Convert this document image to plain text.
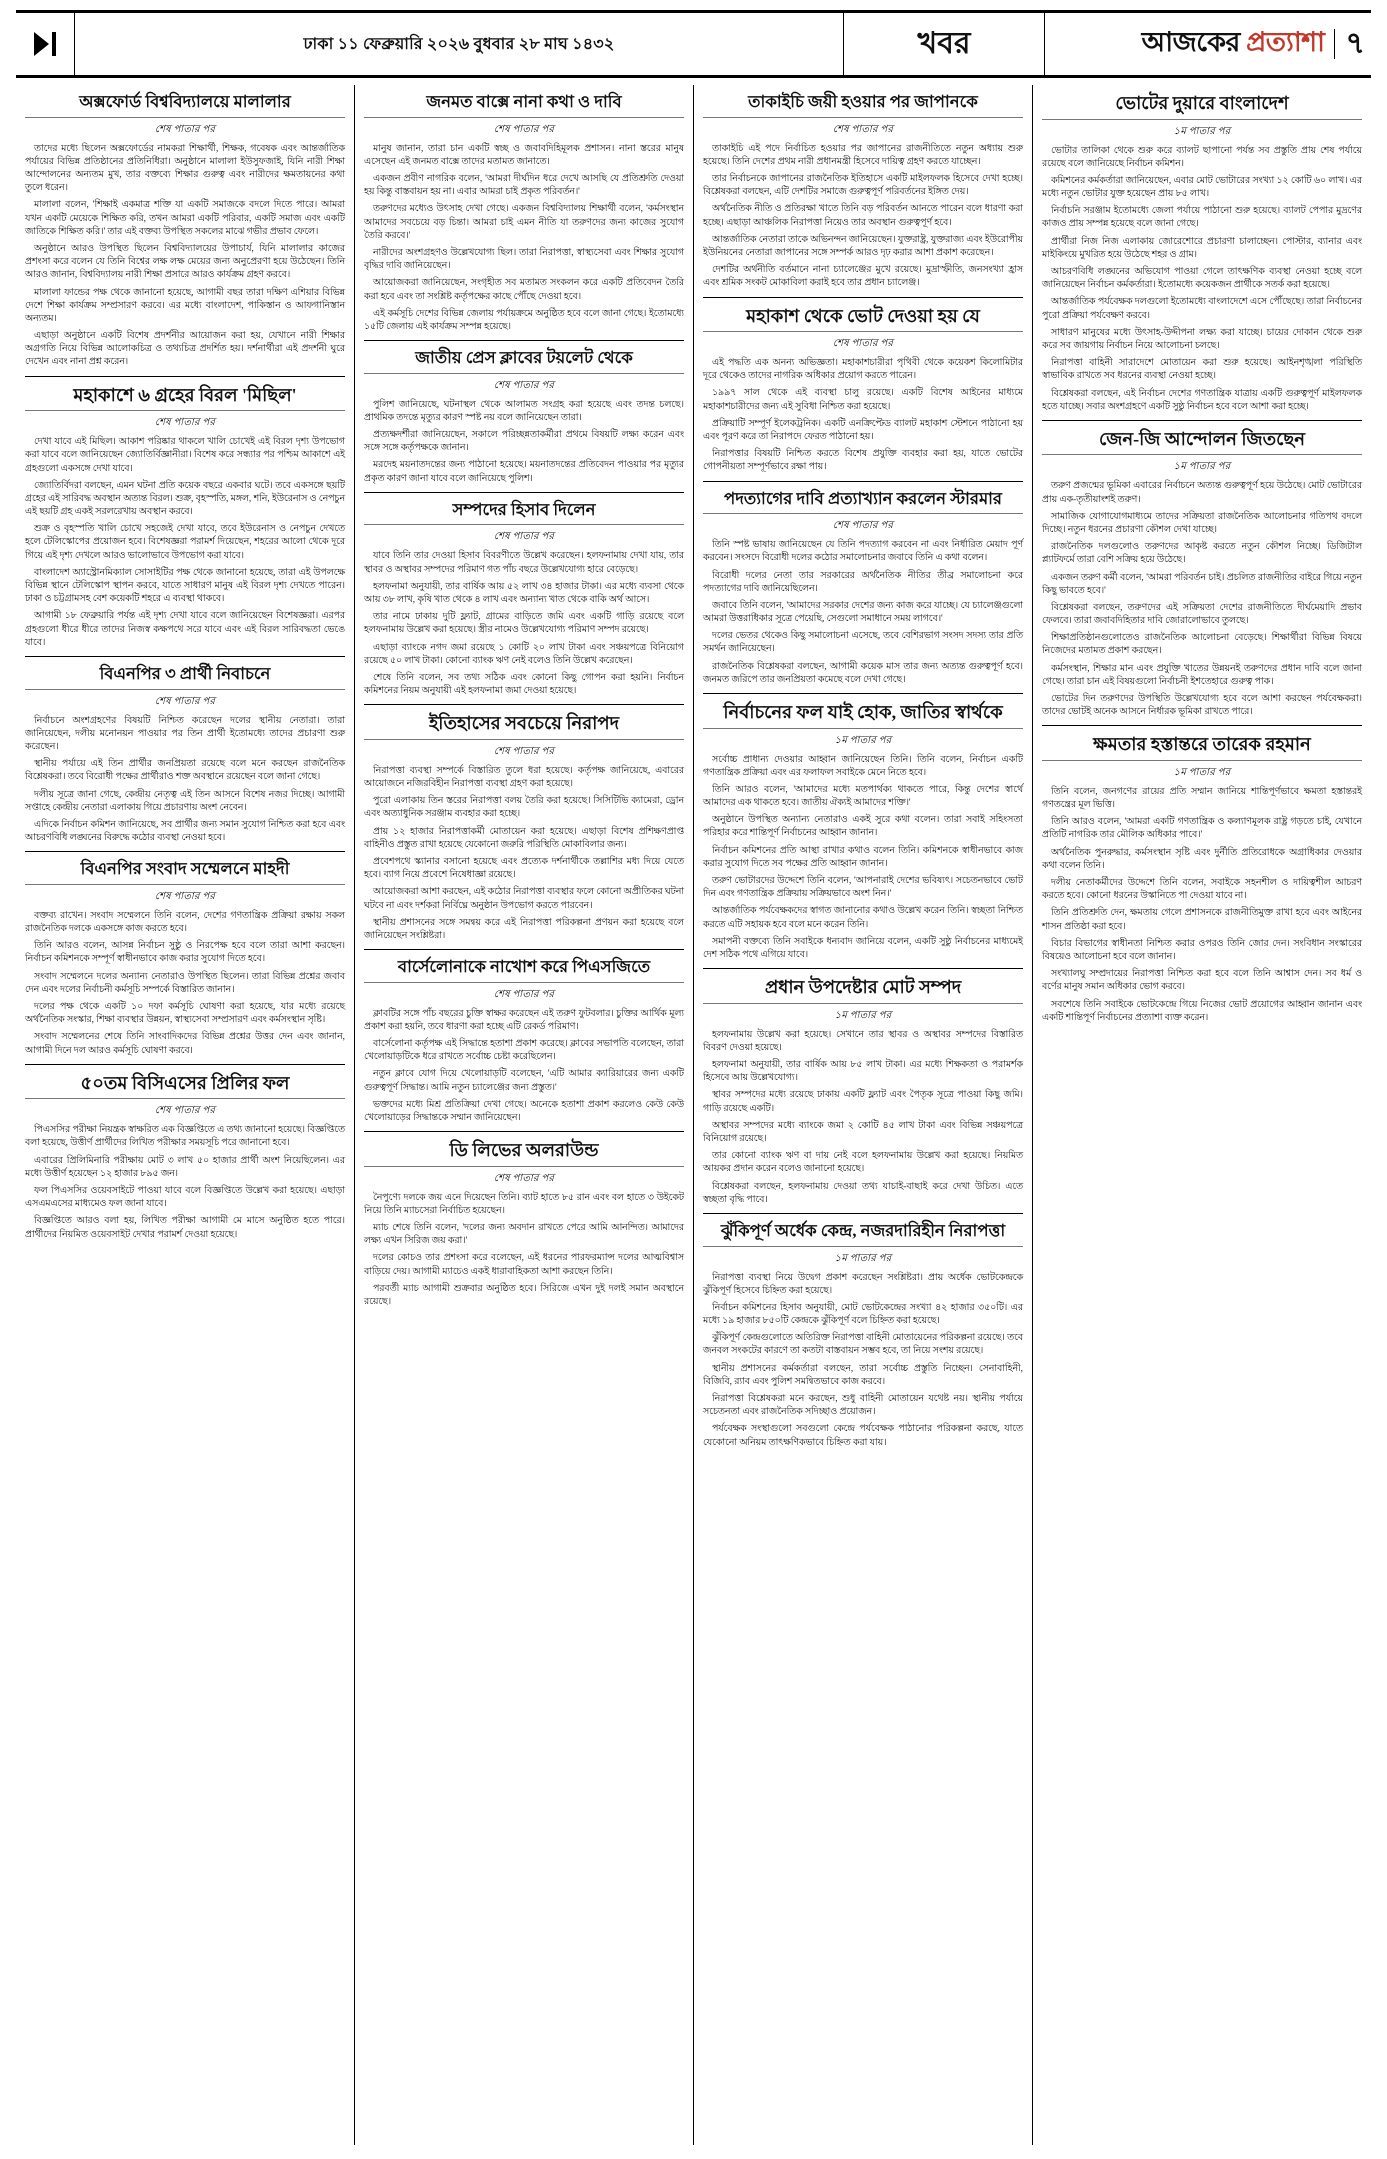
ঢাকা ১১ ফেব্রুয়ারি ২০২৬ বুধবার ২৮ মাঘ ১৪৩২	খবর	আজকের প্রত্যাশা ৭
অক্সফোর্ড বিশ্ববিদ্যালয়ে মালালার
শেষ পাতার পর

তাদের মধ্যে ছিলেন অক্সফোর্ডের নামকরা শিক্ষার্থী, শিক্ষক, গবেষক এবং আন্তর্জাতিক পর্যায়ের বিভিন্ন প্রতিষ্ঠানের প্রতিনিধিরা। অনুষ্ঠানে মালালা ইউসুফজাই, যিনি নারী শিক্ষা আন্দোলনের অন্যতম মুখ, তার বক্তব্যে শিক্ষার গুরুত্ব এবং নারীদের ক্ষমতায়নের কথা তুলে ধরেন।

মালালা বলেন, 'শিক্ষাই একমাত্র শক্তি যা একটি সমাজকে বদলে দিতে পারে। আমরা যখন একটি মেয়েকে শিক্ষিত করি, তখন আমরা একটি পরিবার, একটি সমাজ এবং একটি জাতিকে শিক্ষিত করি।' তার এই বক্তব্য উপস্থিত সকলের মাঝে গভীর প্রভাব ফেলে।

অনুষ্ঠানে আরও উপস্থিত ছিলেন বিশ্ববিদ্যালয়ের উপাচার্য, যিনি মালালার কাজের প্রশংসা করে বলেন যে তিনি বিশ্বের লক্ষ লক্ষ মেয়ের জন্য অনুপ্রেরণা হয়ে উঠেছেন। তিনি আরও জানান, বিশ্ববিদ্যালয় নারী শিক্ষা প্রসারে আরও কার্যক্রম গ্রহণ করবে।

মালালা ফান্ডের পক্ষ থেকে জানানো হয়েছে, আগামী বছর তারা দক্ষিণ এশিয়ার বিভিন্ন দেশে শিক্ষা কার্যক্রম সম্প্রসারণ করবে। এর মধ্যে বাংলাদেশ, পাকিস্তান ও আফগানিস্তান অন্যতম।

এছাড়া অনুষ্ঠানে একটি বিশেষ প্রদর্শনীর আয়োজন করা হয়, যেখানে নারী শিক্ষার অগ্রগতি নিয়ে বিভিন্ন আলোকচিত্র ও তথ্যচিত্র প্রদর্শিত হয়। দর্শনার্থীরা এই প্রদর্শনী ঘুরে দেখেন এবং নানা প্রশ্ন করেন।

মহাকাশে ৬ গ্রহের বিরল 'মিছিল'
শেষ পাতার পর

দেখা যাবে এই মিছিল। আকাশ পরিষ্কার থাকলে খালি চোখেই এই বিরল দৃশ্য উপভোগ করা যাবে বলে জানিয়েছেন জ্যোতির্বিজ্ঞানীরা। বিশেষ করে সন্ধ্যার পর পশ্চিম আকাশে এই গ্রহগুলো একসঙ্গে দেখা যাবে।

জ্যোতির্বিদরা বলছেন, এমন ঘটনা প্রতি কয়েক বছরে একবার ঘটে। তবে একসঙ্গে ছয়টি গ্রহের এই সারিবদ্ধ অবস্থান অত্যন্ত বিরল। শুক্র, বৃহস্পতি, মঙ্গল, শনি, ইউরেনাস ও নেপচুন এই ছয়টি গ্রহ একই সরলরেখায় অবস্থান করবে।

শুক্র ও বৃহস্পতি খালি চোখে সহজেই দেখা যাবে, তবে ইউরেনাস ও নেপচুন দেখতে হলে টেলিস্কোপের প্রয়োজন হবে। বিশেষজ্ঞরা পরামর্শ দিয়েছেন, শহরের আলো থেকে দূরে গিয়ে এই দৃশ্য দেখলে আরও ভালোভাবে উপভোগ করা যাবে।

বাংলাদেশ অ্যাস্ট্রোনমিক্যাল সোসাইটির পক্ষ থেকে জানানো হয়েছে, তারা এই উপলক্ষে বিভিন্ন স্থানে টেলিস্কোপ স্থাপন করবে, যাতে সাধারণ মানুষ এই বিরল দৃশ্য দেখতে পারেন। ঢাকা ও চট্টগ্রামসহ বেশ কয়েকটি শহরে এ ব্যবস্থা থাকবে।

আগামী ১৮ ফেব্রুয়ারি পর্যন্ত এই দৃশ্য দেখা যাবে বলে জানিয়েছেন বিশেষজ্ঞরা। এরপর গ্রহগুলো ধীরে ধীরে তাদের নিজস্ব কক্ষপথে সরে যাবে এবং এই বিরল সারিবদ্ধতা ভেঙে যাবে।

বিএনপির ৩ প্রার্থী নিবাচনে
শেষ পাতার পর

নির্বাচনে অংশগ্রহণের বিষয়টি নিশ্চিত করেছেন দলের স্থানীয় নেতারা। তারা জানিয়েছেন, দলীয় মনোনয়ন পাওয়ার পর তিন প্রার্থী ইতোমধ্যে তাদের প্রচারণা শুরু করেছেন।

স্থানীয় পর্যায়ে এই তিন প্রার্থীর জনপ্রিয়তা রয়েছে বলে মনে করছেন রাজনৈতিক বিশ্লেষকরা। তবে বিরোধী পক্ষের প্রার্থীরাও শক্ত অবস্থানে রয়েছেন বলে জানা গেছে।

দলীয় সূত্রে জানা গেছে, কেন্দ্রীয় নেতৃত্ব এই তিন আসনে বিশেষ নজর দিচ্ছে। আগামী সপ্তাহে কেন্দ্রীয় নেতারা এলাকায় গিয়ে প্রচারণায় অংশ নেবেন।

এদিকে নির্বাচন কমিশন জানিয়েছে, সব প্রার্থীর জন্য সমান সুযোগ নিশ্চিত করা হবে এবং আচরণবিধি লঙ্ঘনের বিরুদ্ধে কঠোর ব্যবস্থা নেওয়া হবে।

বিএনপির সংবাদ সম্মেলনে মাহদী
শেষ পাতার পর

বক্তব্য রাখেন। সংবাদ সম্মেলনে তিনি বলেন, দেশের গণতান্ত্রিক প্রক্রিয়া রক্ষায় সকল রাজনৈতিক দলকে একসঙ্গে কাজ করতে হবে।

তিনি আরও বলেন, আসন্ন নির্বাচন সুষ্ঠু ও নিরপেক্ষ হবে বলে তারা আশা করছেন। নির্বাচন কমিশনকে সম্পূর্ণ স্বাধীনভাবে কাজ করার সুযোগ দিতে হবে।

সংবাদ সম্মেলনে দলের অন্যান্য নেতারাও উপস্থিত ছিলেন। তারা বিভিন্ন প্রশ্নের জবাব দেন এবং দলের নির্বাচনী কর্মসূচি সম্পর্কে বিস্তারিত জানান।

দলের পক্ষ থেকে একটি ১০ দফা কর্মসূচি ঘোষণা করা হয়েছে, যার মধ্যে রয়েছে অর্থনৈতিক সংস্কার, শিক্ষা ব্যবস্থার উন্নয়ন, স্বাস্থ্যসেবা সম্প্রসারণ এবং কর্মসংস্থান সৃষ্টি।

সংবাদ সম্মেলনের শেষে তিনি সাংবাদিকদের বিভিন্ন প্রশ্নের উত্তর দেন এবং জানান, আগামী দিনে দল আরও কর্মসূচি ঘোষণা করবে।

৫০তম বিসিএসের প্রিলির ফল
শেষ পাতার পর

পিএসসির পরীক্ষা নিয়ন্ত্রক স্বাক্ষরিত এক বিজ্ঞপ্তিতে এ তথ্য জানানো হয়েছে। বিজ্ঞপ্তিতে বলা হয়েছে, উত্তীর্ণ প্রার্থীদের লিখিত পরীক্ষার সময়সূচি পরে জানানো হবে।

এবারের প্রিলিমিনারি পরীক্ষায় মোট ৩ লাখ ৫০ হাজার প্রার্থী অংশ নিয়েছিলেন। এর মধ্যে উত্তীর্ণ হয়েছেন ১২ হাজার ৮৯৫ জন।

ফল পিএসসির ওয়েবসাইটে পাওয়া যাবে বলে বিজ্ঞপ্তিতে উল্লেখ করা হয়েছে। এছাড়া এসএমএসের মাধ্যমেও ফল জানা যাবে।

বিজ্ঞপ্তিতে আরও বলা হয়, লিখিত পরীক্ষা আগামী মে মাসে অনুষ্ঠিত হতে পারে। প্রার্থীদের নিয়মিত ওয়েবসাইট দেখার পরামর্শ দেওয়া হয়েছে।

জনমত বাক্সে নানা কথা ও দাবি
শেষ পাতার পর

মানুষ জানান, তারা চান একটি স্বচ্ছ ও জবাবদিহিমূলক প্রশাসন। নানা স্তরের মানুষ এসেছেন এই জনমত বাক্সে তাদের মতামত জানাতে।

একজন প্রবীণ নাগরিক বলেন, 'আমরা দীর্ঘদিন ধরে দেখে আসছি যে প্রতিশ্রুতি দেওয়া হয় কিন্তু বাস্তবায়ন হয় না। এবার আমরা চাই প্রকৃত পরিবর্তন।'

তরুণদের মধ্যেও উৎসাহ দেখা গেছে। একজন বিশ্ববিদ্যালয় শিক্ষার্থী বলেন, 'কর্মসংস্থান আমাদের সবচেয়ে বড় চিন্তা। আমরা চাই এমন নীতি যা তরুণদের জন্য কাজের সুযোগ তৈরি করবে।'

নারীদের অংশগ্রহণও উল্লেখযোগ্য ছিল। তারা নিরাপত্তা, স্বাস্থ্যসেবা এবং শিক্ষার সুযোগ বৃদ্ধির দাবি জানিয়েছেন।

আয়োজকরা জানিয়েছেন, সংগৃহীত সব মতামত সংকলন করে একটি প্রতিবেদন তৈরি করা হবে এবং তা সংশ্লিষ্ট কর্তৃপক্ষের কাছে পৌঁছে দেওয়া হবে।

এই কর্মসূচি দেশের বিভিন্ন জেলায় পর্যায়ক্রমে অনুষ্ঠিত হবে বলে জানা গেছে। ইতোমধ্যে ১৫টি জেলায় এই কার্যক্রম সম্পন্ন হয়েছে।

জাতীয় প্রেস ক্লাবের টয়লেট থেকে
শেষ পাতার পর

পুলিশ জানিয়েছে, ঘটনাস্থল থেকে আলামত সংগ্রহ করা হয়েছে এবং তদন্ত চলছে। প্রাথমিক তদন্তে মৃত্যুর কারণ স্পষ্ট নয় বলে জানিয়েছেন তারা।

প্রত্যক্ষদর্শীরা জানিয়েছেন, সকালে পরিচ্ছন্নতাকর্মীরা প্রথমে বিষয়টি লক্ষ্য করেন এবং সঙ্গে সঙ্গে কর্তৃপক্ষকে জানান।

মরদেহ ময়নাতদন্তের জন্য পাঠানো হয়েছে। ময়নাতদন্তের প্রতিবেদন পাওয়ার পর মৃত্যুর প্রকৃত কারণ জানা যাবে বলে জানিয়েছে পুলিশ।

সম্পদের হিসাব দিলেন
শেষ পাতার পর

যাবে তিনি তার দেওয়া হিসাব বিবরণীতে উল্লেখ করেছেন। হলফনামায় দেখা যায়, তার স্থাবর ও অস্থাবর সম্পদের পরিমাণ গত পাঁচ বছরে উল্লেখযোগ্য হারে বেড়েছে।

হলফনামা অনুযায়ী, তার বার্ষিক আয় ৫২ লাখ ৩৪ হাজার টাকা। এর মধ্যে ব্যবসা থেকে আয় ৩৮ লাখ, কৃষি খাত থেকে ৪ লাখ এবং অন্যান্য খাত থেকে বাকি অর্থ আসে।

তার নামে ঢাকায় দুটি ফ্ল্যাট, গ্রামের বাড়িতে জমি এবং একটি গাড়ি রয়েছে বলে হলফনামায় উল্লেখ করা হয়েছে। স্ত্রীর নামেও উল্লেখযোগ্য পরিমাণ সম্পদ রয়েছে।

এছাড়া ব্যাংকে নগদ জমা রয়েছে ১ কোটি ২০ লাখ টাকা এবং সঞ্চয়পত্রে বিনিয়োগ রয়েছে ৫০ লাখ টাকা। কোনো ব্যাংক ঋণ নেই বলেও তিনি উল্লেখ করেছেন।

শেষে তিনি বলেন, সব তথ্য সঠিক এবং কোনো কিছু গোপন করা হয়নি। নির্বাচন কমিশনের নিয়ম অনুযায়ী এই হলফনামা জমা দেওয়া হয়েছে।

ইতিহাসের সবচেয়ে নিরাপদ
শেষ পাতার পর

নিরাপত্তা ব্যবস্থা সম্পর্কে বিস্তারিত তুলে ধরা হয়েছে। কর্তৃপক্ষ জানিয়েছে, এবারের আয়োজনে নজিরবিহীন নিরাপত্তা ব্যবস্থা গ্রহণ করা হয়েছে।

পুরো এলাকায় তিন স্তরের নিরাপত্তা বলয় তৈরি করা হয়েছে। সিসিটিভি ক্যামেরা, ড্রোন এবং অত্যাধুনিক সরঞ্জাম ব্যবহার করা হচ্ছে।

প্রায় ১২ হাজার নিরাপত্তাকর্মী মোতায়েন করা হয়েছে। এছাড়া বিশেষ প্রশিক্ষণপ্রাপ্ত বাহিনীও প্রস্তুত রাখা হয়েছে যেকোনো জরুরি পরিস্থিতি মোকাবিলার জন্য।

প্রবেশপথে স্ক্যানার বসানো হয়েছে এবং প্রত্যেক দর্শনার্থীকে তল্লাশির মধ্য দিয়ে যেতে হবে। ব্যাগ নিয়ে প্রবেশে নিষেধাজ্ঞা রয়েছে।

আয়োজকরা আশা করছেন, এই কঠোর নিরাপত্তা ব্যবস্থার ফলে কোনো অপ্রীতিকর ঘটনা ঘটবে না এবং দর্শকরা নির্বিঘ্নে অনুষ্ঠান উপভোগ করতে পারবেন।

স্থানীয় প্রশাসনের সঙ্গে সমন্বয় করে এই নিরাপত্তা পরিকল্পনা প্রণয়ন করা হয়েছে বলে জানিয়েছেন সংশ্লিষ্টরা।

বার্সেলোনাকে নাখোশ করে পিএসজিতে
শেষ পাতার পর

ক্লাবটির সঙ্গে পাঁচ বছরের চুক্তি স্বাক্ষর করেছেন এই তরুণ ফুটবলার। চুক্তির আর্থিক মূল্য প্রকাশ করা হয়নি, তবে ধারণা করা হচ্ছে এটি রেকর্ড পরিমাণ।

বার্সেলোনা কর্তৃপক্ষ এই সিদ্ধান্তে হতাশা প্রকাশ করেছে। ক্লাবের সভাপতি বলেছেন, তারা খেলোয়াড়টিকে ধরে রাখতে সর্বোচ্চ চেষ্টা করেছিলেন।

নতুন ক্লাবে যোগ দিয়ে খেলোয়াড়টি বলেছেন, 'এটি আমার ক্যারিয়ারের জন্য একটি গুরুত্বপূর্ণ সিদ্ধান্ত। আমি নতুন চ্যালেঞ্জের জন্য প্রস্তুত।'

ভক্তদের মধ্যে মিশ্র প্রতিক্রিয়া দেখা গেছে। অনেকে হতাশা প্রকাশ করলেও কেউ কেউ খেলোয়াড়ের সিদ্ধান্তকে সম্মান জানিয়েছেন।

ডি লিভের অলরাউন্ড
শেষ পাতার পর

নৈপুণ্যে দলকে জয় এনে দিয়েছেন তিনি। ব্যাট হাতে ৮৫ রান এবং বল হাতে ৩ উইকেট নিয়ে তিনি ম্যাচসেরা নির্বাচিত হয়েছেন।

ম্যাচ শেষে তিনি বলেন, 'দলের জন্য অবদান রাখতে পেরে আমি আনন্দিত। আমাদের লক্ষ্য এখন সিরিজ জয় করা।'

দলের কোচও তার প্রশংসা করে বলেছেন, এই ধরনের পারফরম্যান্স দলের আত্মবিশ্বাস বাড়িয়ে দেয়। আগামী ম্যাচেও একই ধারাবাহিকতা আশা করছেন তিনি।

পরবর্তী ম্যাচ আগামী শুক্রবার অনুষ্ঠিত হবে। সিরিজে এখন দুই দলই সমান অবস্থানে রয়েছে।

তাকাইচি জয়ী হওয়ার পর জাপানকে
শেষ পাতার পর

তাকাইচি এই পদে নির্বাচিত হওয়ার পর জাপানের রাজনীতিতে নতুন অধ্যায় শুরু হয়েছে। তিনি দেশের প্রথম নারী প্রধানমন্ত্রী হিসেবে দায়িত্ব গ্রহণ করতে যাচ্ছেন।

তার নির্বাচনকে জাপানের রাজনৈতিক ইতিহাসে একটি মাইলফলক হিসেবে দেখা হচ্ছে। বিশ্লেষকরা বলছেন, এটি দেশটির সমাজে গুরুত্বপূর্ণ পরিবর্তনের ইঙ্গিত দেয়।

অর্থনৈতিক নীতি ও প্রতিরক্ষা খাতে তিনি বড় পরিবর্তন আনতে পারেন বলে ধারণা করা হচ্ছে। এছাড়া আঞ্চলিক নিরাপত্তা নিয়েও তার অবস্থান গুরুত্বপূর্ণ হবে।

আন্তর্জাতিক নেতারা তাকে অভিনন্দন জানিয়েছেন। যুক্তরাষ্ট্র, যুক্তরাজ্য এবং ইউরোপীয় ইউনিয়নের নেতারা জাপানের সঙ্গে সম্পর্ক আরও দৃঢ় করার আশা প্রকাশ করেছেন।

দেশটির অর্থনীতি বর্তমানে নানা চ্যালেঞ্জের মুখে রয়েছে। মুদ্রাস্ফীতি, জনসংখ্যা হ্রাস এবং শ্রমিক সংকট মোকাবিলা করাই হবে তার প্রধান চ্যালেঞ্জ।

মহাকাশ থেকে ভোট দেওয়া হয় যে
শেষ পাতার পর

এই পদ্ধতি এক অনন্য অভিজ্ঞতা। মহাকাশচারীরা পৃথিবী থেকে কয়েকশ কিলোমিটার দূরে থেকেও তাদের নাগরিক অধিকার প্রয়োগ করতে পারেন।

১৯৯৭ সাল থেকে এই ব্যবস্থা চালু রয়েছে। একটি বিশেষ আইনের মাধ্যমে মহাকাশচারীদের জন্য এই সুবিধা নিশ্চিত করা হয়েছে।

প্রক্রিয়াটি সম্পূর্ণ ইলেকট্রনিক। একটি এনক্রিপ্টেড ব্যালট মহাকাশ স্টেশনে পাঠানো হয় এবং পূরণ করে তা নিরাপদে ফেরত পাঠানো হয়।

নিরাপত্তার বিষয়টি নিশ্চিত করতে বিশেষ প্রযুক্তি ব্যবহার করা হয়, যাতে ভোটের গোপনীয়তা সম্পূর্ণভাবে রক্ষা পায়।

পদত্যাগের দাবি প্রত্যাখ্যান করলেন স্টারমার
শেষ পাতার পর

তিনি স্পষ্ট ভাষায় জানিয়েছেন যে তিনি পদত্যাগ করবেন না এবং নির্ধারিত মেয়াদ পূর্ণ করবেন। সংসদে বিরোধী দলের কঠোর সমালোচনার জবাবে তিনি এ কথা বলেন।

বিরোধী দলের নেতা তার সরকারের অর্থনৈতিক নীতির তীব্র সমালোচনা করে পদত্যাগের দাবি জানিয়েছিলেন।

জবাবে তিনি বলেন, 'আমাদের সরকার দেশের জন্য কাজ করে যাচ্ছে। যে চ্যালেঞ্জগুলো আমরা উত্তরাধিকার সূত্রে পেয়েছি, সেগুলো সমাধানে সময় লাগবে।'

দলের ভেতর থেকেও কিছু সমালোচনা এসেছে, তবে বেশিরভাগ সংসদ সদস্য তার প্রতি সমর্থন জানিয়েছেন।

রাজনৈতিক বিশ্লেষকরা বলছেন, আগামী কয়েক মাস তার জন্য অত্যন্ত গুরুত্বপূর্ণ হবে। জনমত জরিপে তার জনপ্রিয়তা কমেছে বলে দেখা গেছে।

নির্বাচনের ফল যাই হোক, জাতির স্বার্থকে
১ম পাতার পর

সর্বোচ্চ প্রাধান্য দেওয়ার আহ্বান জানিয়েছেন তিনি। তিনি বলেন, নির্বাচন একটি গণতান্ত্রিক প্রক্রিয়া এবং এর ফলাফল সবাইকে মেনে নিতে হবে।

তিনি আরও বলেন, 'আমাদের মধ্যে মতপার্থক্য থাকতে পারে, কিন্তু দেশের স্বার্থে আমাদের এক থাকতে হবে। জাতীয় ঐক্যই আমাদের শক্তি।'

অনুষ্ঠানে উপস্থিত অন্যান্য নেতারাও একই সুরে কথা বলেন। তারা সবাই সহিংসতা পরিহার করে শান্তিপূর্ণ নির্বাচনের আহ্বান জানান।

নির্বাচন কমিশনের প্রতি আস্থা রাখার কথাও বলেন তিনি। কমিশনকে স্বাধীনভাবে কাজ করার সুযোগ দিতে সব পক্ষের প্রতি আহ্বান জানান।

তরুণ ভোটারদের উদ্দেশে তিনি বলেন, 'আপনারাই দেশের ভবিষ্যৎ। সচেতনভাবে ভোট দিন এবং গণতান্ত্রিক প্রক্রিয়ায় সক্রিয়ভাবে অংশ নিন।'

আন্তর্জাতিক পর্যবেক্ষকদের স্বাগত জানানোর কথাও উল্লেখ করেন তিনি। স্বচ্ছতা নিশ্চিত করতে এটি সহায়ক হবে বলে মনে করেন তিনি।

সমাপনী বক্তব্যে তিনি সবাইকে ধন্যবাদ জানিয়ে বলেন, একটি সুষ্ঠু নির্বাচনের মাধ্যমেই দেশ সঠিক পথে এগিয়ে যাবে।

প্রধান উপদেষ্টার মোট সম্পদ
১ম পাতার পর

হলফনামায় উল্লেখ করা হয়েছে। সেখানে তার স্থাবর ও অস্থাবর সম্পদের বিস্তারিত বিবরণ দেওয়া হয়েছে।

হলফনামা অনুযায়ী, তার বার্ষিক আয় ৮৫ লাখ টাকা। এর মধ্যে শিক্ষকতা ও পরামর্শক হিসেবে আয় উল্লেখযোগ্য।

স্থাবর সম্পদের মধ্যে রয়েছে ঢাকায় একটি ফ্ল্যাট এবং পৈতৃক সূত্রে পাওয়া কিছু জমি। গাড়ি রয়েছে একটি।

অস্থাবর সম্পদের মধ্যে ব্যাংকে জমা ২ কোটি ৪৫ লাখ টাকা এবং বিভিন্ন সঞ্চয়পত্রে বিনিয়োগ রয়েছে।

তার কোনো ব্যাংক ঋণ বা দায় নেই বলে হলফনামায় উল্লেখ করা হয়েছে। নিয়মিত আয়কর প্রদান করেন বলেও জানানো হয়েছে।

বিশ্লেষকরা বলছেন, হলফনামায় দেওয়া তথ্য যাচাই-বাছাই করে দেখা উচিত। এতে স্বচ্ছতা বৃদ্ধি পাবে।

ঝুঁকিপূর্ণ অর্ধেক কেন্দ্র, নজরদারিহীন নিরাপত্তা
১ম পাতার পর

নিরাপত্তা ব্যবস্থা নিয়ে উদ্বেগ প্রকাশ করেছেন সংশ্লিষ্টরা। প্রায় অর্ধেক ভোটকেন্দ্রকে ঝুঁকিপূর্ণ হিসেবে চিহ্নিত করা হয়েছে।

নির্বাচন কমিশনের হিসাব অনুযায়ী, মোট ভোটকেন্দ্রের সংখ্যা ৪২ হাজার ৩৫০টি। এর মধ্যে ১৯ হাজার ৮৫০টি কেন্দ্রকে ঝুঁকিপূর্ণ বলে চিহ্নিত করা হয়েছে।

ঝুঁকিপূর্ণ কেন্দ্রগুলোতে অতিরিক্ত নিরাপত্তা বাহিনী মোতায়েনের পরিকল্পনা রয়েছে। তবে জনবল সংকটের কারণে তা কতটা বাস্তবায়ন সম্ভব হবে, তা নিয়ে সংশয় রয়েছে।

স্থানীয় প্রশাসনের কর্মকর্তারা বলছেন, তারা সর্বোচ্চ প্রস্তুতি নিচ্ছেন। সেনাবাহিনী, বিজিবি, র‍্যাব এবং পুলিশ সমন্বিতভাবে কাজ করবে।

নিরাপত্তা বিশ্লেষকরা মনে করছেন, শুধু বাহিনী মোতায়েন যথেষ্ট নয়। স্থানীয় পর্যায়ে সচেতনতা এবং রাজনৈতিক সদিচ্ছাও প্রয়োজন।

পর্যবেক্ষক সংস্থাগুলো সবগুলো কেন্দ্রে পর্যবেক্ষক পাঠানোর পরিকল্পনা করছে, যাতে যেকোনো অনিয়ম তাৎক্ষণিকভাবে চিহ্নিত করা যায়।

ভোটের দুয়ারে বাংলাদেশ
১ম পাতার পর

ভোটার তালিকা থেকে শুরু করে ব্যালট ছাপানো পর্যন্ত সব প্রস্তুতি প্রায় শেষ পর্যায়ে রয়েছে বলে জানিয়েছে নির্বাচন কমিশন।

কমিশনের কর্মকর্তারা জানিয়েছেন, এবার মোট ভোটারের সংখ্যা ১২ কোটি ৬০ লাখ। এর মধ্যে নতুন ভোটার যুক্ত হয়েছেন প্রায় ৮৫ লাখ।

নির্বাচনি সরঞ্জাম ইতোমধ্যে জেলা পর্যায়ে পাঠানো শুরু হয়েছে। ব্যালট পেপার মুদ্রণের কাজও প্রায় সম্পন্ন হয়েছে বলে জানা গেছে।

প্রার্থীরা নিজ নিজ এলাকায় জোরেশোরে প্রচারণা চালাচ্ছেন। পোস্টার, ব্যানার এবং মাইকিংয়ে মুখরিত হয়ে উঠেছে শহর ও গ্রাম।

আচরণবিধি লঙ্ঘনের অভিযোগ পাওয়া গেলে তাৎক্ষণিক ব্যবস্থা নেওয়া হচ্ছে বলে জানিয়েছেন নির্বাচন কর্মকর্তারা। ইতোমধ্যে কয়েকজন প্রার্থীকে সতর্ক করা হয়েছে।

আন্তর্জাতিক পর্যবেক্ষক দলগুলো ইতোমধ্যে বাংলাদেশে এসে পৌঁছেছে। তারা নির্বাচনের পুরো প্রক্রিয়া পর্যবেক্ষণ করবে।

সাধারণ মানুষের মধ্যে উৎসাহ-উদ্দীপনা লক্ষ্য করা যাচ্ছে। চায়ের দোকান থেকে শুরু করে সব জায়গায় নির্বাচন নিয়ে আলোচনা চলছে।

নিরাপত্তা বাহিনী সারাদেশে মোতায়েন করা শুরু হয়েছে। আইনশৃঙ্খলা পরিস্থিতি স্বাভাবিক রাখতে সব ধরনের ব্যবস্থা নেওয়া হচ্ছে।

বিশ্লেষকরা বলছেন, এই নির্বাচন দেশের গণতান্ত্রিক যাত্রায় একটি গুরুত্বপূর্ণ মাইলফলক হতে যাচ্ছে। সবার অংশগ্রহণে একটি সুষ্ঠু নির্বাচন হবে বলে আশা করা হচ্ছে।

জেন-জি আন্দোলন জিতছেন
১ম পাতার পর

তরুণ প্রজন্মের ভূমিকা এবারের নির্বাচনে অত্যন্ত গুরুত্বপূর্ণ হয়ে উঠেছে। মোট ভোটারের প্রায় এক-তৃতীয়াংশই তরুণ।

সামাজিক যোগাযোগমাধ্যমে তাদের সক্রিয়তা রাজনৈতিক আলোচনার গতিপথ বদলে দিচ্ছে। নতুন ধরনের প্রচারণা কৌশল দেখা যাচ্ছে।

রাজনৈতিক দলগুলোও তরুণদের আকৃষ্ট করতে নতুন কৌশল নিচ্ছে। ডিজিটাল প্ল্যাটফর্মে তারা বেশি সক্রিয় হয়ে উঠেছে।

একজন তরুণ কর্মী বলেন, 'আমরা পরিবর্তন চাই। প্রচলিত রাজনীতির বাইরে গিয়ে নতুন কিছু ভাবতে হবে।'

বিশ্লেষকরা বলছেন, তরুণদের এই সক্রিয়তা দেশের রাজনীতিতে দীর্ঘমেয়াদি প্রভাব ফেলবে। তারা জবাবদিহিতার দাবি জোরালোভাবে তুলছে।

শিক্ষাপ্রতিষ্ঠানগুলোতেও রাজনৈতিক আলোচনা বেড়েছে। শিক্ষার্থীরা বিভিন্ন বিষয়ে নিজেদের মতামত প্রকাশ করছেন।

কর্মসংস্থান, শিক্ষার মান এবং প্রযুক্তি খাতের উন্নয়নই তরুণদের প্রধান দাবি বলে জানা গেছে। তারা চান এই বিষয়গুলো নির্বাচনী ইশতেহারে গুরুত্ব পাক।

ভোটের দিন তরুণদের উপস্থিতি উল্লেখযোগ্য হবে বলে আশা করছেন পর্যবেক্ষকরা। তাদের ভোটই অনেক আসনে নির্ধারক ভূমিকা রাখতে পারে।

ক্ষমতার হস্তান্তরে তারেক রহমান
১ম পাতার পর

তিনি বলেন, জনগণের রায়ের প্রতি সম্মান জানিয়ে শান্তিপূর্ণভাবে ক্ষমতা হস্তান্তরই গণতন্ত্রের মূল ভিত্তি।

তিনি আরও বলেন, 'আমরা একটি গণতান্ত্রিক ও কল্যাণমূলক রাষ্ট্র গড়তে চাই, যেখানে প্রতিটি নাগরিক তার মৌলিক অধিকার পাবে।'

অর্থনৈতিক পুনরুদ্ধার, কর্মসংস্থান সৃষ্টি এবং দুর্নীতি প্রতিরোধকে অগ্রাধিকার দেওয়ার কথা বলেন তিনি।

দলীয় নেতাকর্মীদের উদ্দেশে তিনি বলেন, সবাইকে সহনশীল ও দায়িত্বশীল আচরণ করতে হবে। কোনো ধরনের উস্কানিতে পা দেওয়া যাবে না।

তিনি প্রতিশ্রুতি দেন, ক্ষমতায় গেলে প্রশাসনকে রাজনীতিমুক্ত রাখা হবে এবং আইনের শাসন প্রতিষ্ঠা করা হবে।

বিচার বিভাগের স্বাধীনতা নিশ্চিত করার ওপরও তিনি জোর দেন। সংবিধান সংস্কারের বিষয়েও আলোচনা হবে বলে জানান।

সংখ্যালঘু সম্প্রদায়ের নিরাপত্তা নিশ্চিত করা হবে বলে তিনি আশ্বাস দেন। সব ধর্ম ও বর্ণের মানুষ সমান অধিকার ভোগ করবে।

সবশেষে তিনি সবাইকে ভোটকেন্দ্রে গিয়ে নিজের ভোট প্রয়োগের আহ্বান জানান এবং একটি শান্তিপূর্ণ নির্বাচনের প্রত্যাশা ব্যক্ত করেন।
